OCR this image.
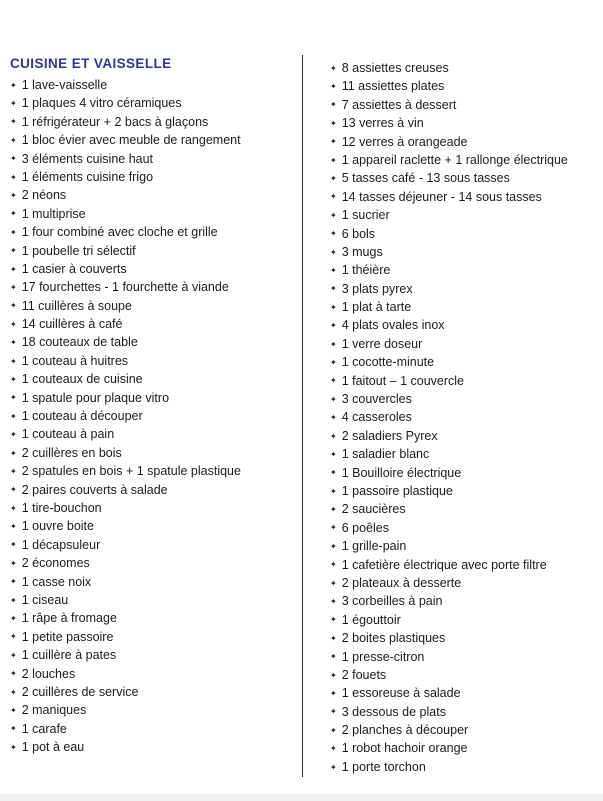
CUISINE ET VAISSELLE
✦ 1 lave-vaisselle
✦ 1 plaques 4 vitro céramiques
✦ 1 réfrigérateur + 2 bacs à glaçons
✦ 1 bloc évier avec meuble de rangement
✦ 3 éléments cuisine haut
✦ 1 éléments cuisine frigo
✦ 2 néons
✦ 1 multiprise
✦ 1 four combiné avec cloche et grille
✦ 1 poubelle tri sélectif
✦ 1 casier à couverts
✦ 17 fourchettes - 1 fourchette à viande
✦ 11 cuillères à soupe
✦ 14 cuillères à café
✦ 18 couteaux de table
✦ 1 couteau à huitres
✦ 1 couteaux de cuisine
✦ 1 spatule pour plaque vitro
✦ 1 couteau à découper
✦ 1 couteau à pain
✦ 2 cuillères en bois
✦ 2 spatules en bois + 1 spatule plastique
✦ 2 paires couverts à salade
✦ 1 tire-bouchon
✦ 1 ouvre boite
✦ 1 décapsuleur
✦ 2 économes
✦ 1 casse noix
✦ 1 ciseau
✦ 1 râpe à fromage
✦ 1 petite passoire
✦ 1 cuillère à pates
✦ 2 louches
✦ 2 cuillères de service
✦ 2 maniques
✦ 1 carafe
✦ 1 pot à eau
✦ 8 assiettes creuses
✦ 11 assiettes plates
✦ 7 assiettes à dessert
✦ 13 verres à vin
✦ 12 verres à orangeade
✦ 1 appareil raclette + 1 rallonge électrique
✦ 5 tasses café - 13 sous tasses
✦ 14 tasses déjeuner - 14 sous tasses
✦ 1 sucrier
✦ 6 bols
✦ 3 mugs
✦ 1 théière
✦ 3 plats pyrex
✦ 1 plat à tarte
✦ 4 plats ovales inox
✦ 1 verre doseur
✦ 1 cocotte-minute
✦ 1 faitout – 1 couvercle
✦ 3 couvercles
✦ 4 casseroles
✦ 2 saladiers Pyrex
✦ 1 saladier blanc
✦ 1 Bouilloire électrique
✦ 1 passoire plastique
✦ 2 saucières
✦ 6 poêles
✦ 1 grille-pain
✦ 1 cafetière électrique avec porte filtre
✦ 2 plateaux à desserte
✦ 3 corbeilles à pain
✦ 1 égouttoir
✦ 2 boites plastiques
✦ 1 presse-citron
✦ 2 fouets
✦ 1 essoreuse à salade
✦ 3 dessous de plats
✦ 2 planches à découper
✦ 1 robot hachoir orange
✦ 1 porte torchon
